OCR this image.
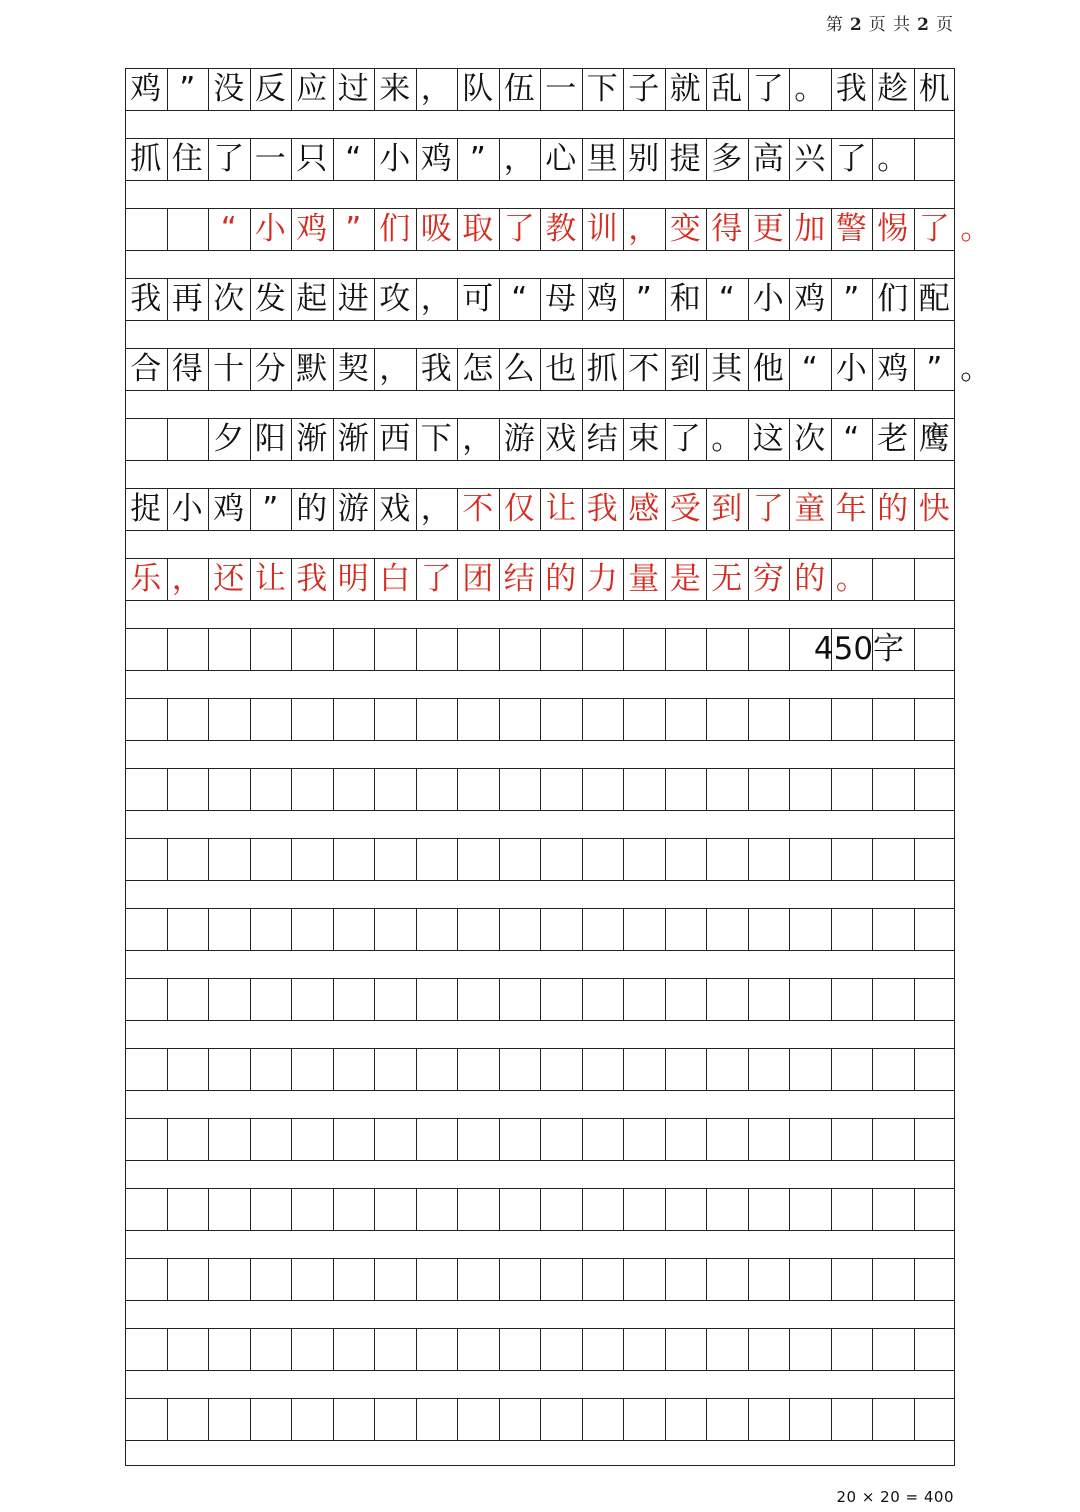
第 2 页 共 2 页
鸡 ” 没 反 应 过 来 ， 队 伍 一 下 子 就 乱 了 。 我 趁 机
抓 住 了 一 只 “ 小 鸡 ” ， 心 里 别 提 多 高 兴 了 。
“ 小 鸡 ” 们 吸 取 了 教 训 ， 变 得 更 加 警 惕 了 。
我 再 次 发 起 进 攻 ， 可 “ 母 鸡 ” 和 “ 小 鸡 ” 们 配
合 得 十 分 默 契 ， 我 怎 么 也 抓 不 到 其 他 “ 小 鸡 ” 。
夕 阳 渐 渐 西 下 ， 游 戏 结 束 了 。 这 次 “ 老 鹰
捉 小 鸡 ” 的 游 戏 ， 不 仅 让 我 感 受 到 了 童 年 的 快
乐 ， 还 让 我 明 白 了 团 结 的 力 量 是 无 穷 的 。
450字
20 × 20 = 400
